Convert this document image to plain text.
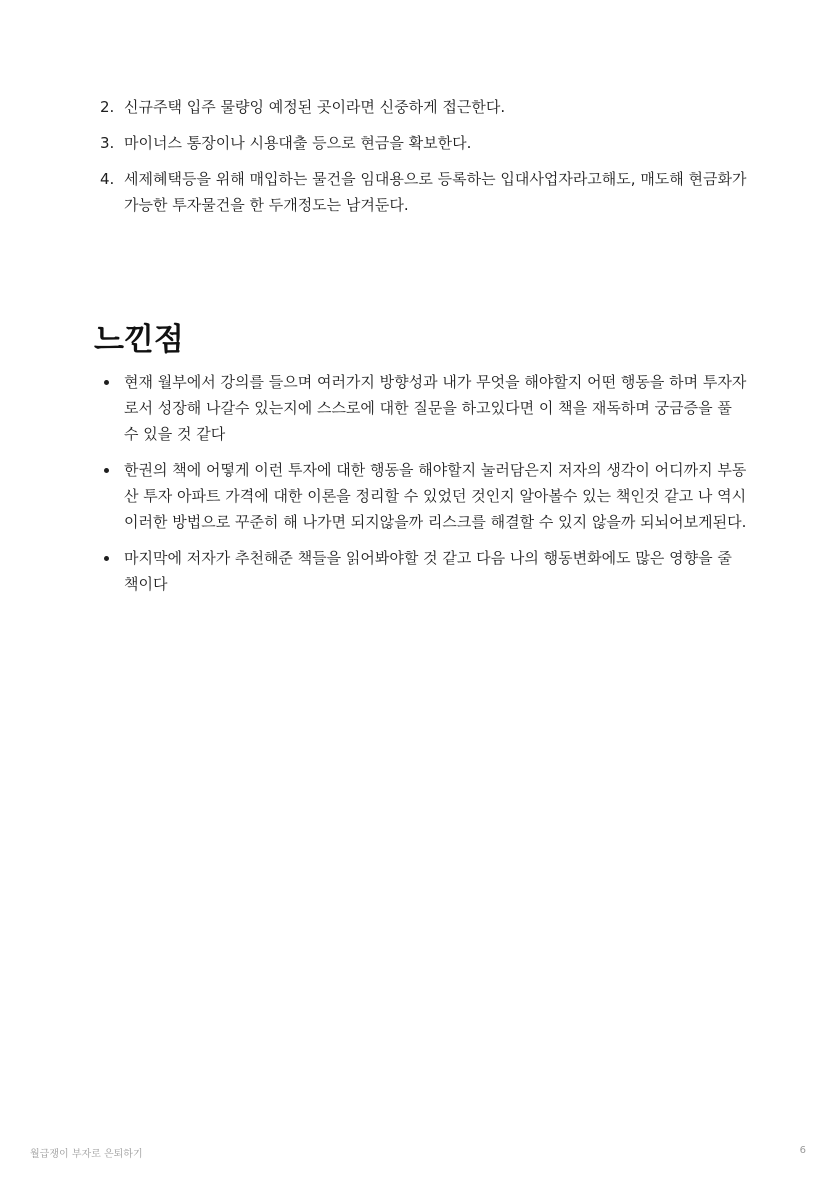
2. 신규주택 입주 물량잉 예정된 곳이라면 신중하게 접근한다.
3. 마이너스 통장이나 시용대출 등으로 현금을 확보한다.
4. 세제혜택등을 위해 매입하는 물건을 임대용으로 등록하는 입대사업자라고해도, 매도해 현금화가 가능한 투자물건을 한 두개정도는 남겨둔다.
느낀점
현재 월부에서 강의를 들으며 여러가지 방향성과 내가 무엇을 해야할지 어떤 행동을 하며 투자자로서 성장해 나갈수 있는지에 스스로에 대한 질문을 하고있다면 이 책을 재독하며 궁금증을 풀 수 있을 것 같다
한권의 책에 어떻게 이런 투자에 대한 행동을 해야할지 눌러담은지 저자의 생각이 어디까지 부동산 투자 아파트 가격에 대한 이론을 정리할 수 있었던 것인지 알아볼수 있는 책인것 같고 나 역시 이러한 방법으로 꾸준히 해 나가면 되지않을까 리스크를 해결할 수 있지 않을까 되뇌어보게된다.
마지막에 저자가 추천해준 책들을 읽어봐야할 것 같고 다음 나의 행동변화에도 많은 영향을 줄 책이다
월급쟁이 부자로 은퇴하기	6
